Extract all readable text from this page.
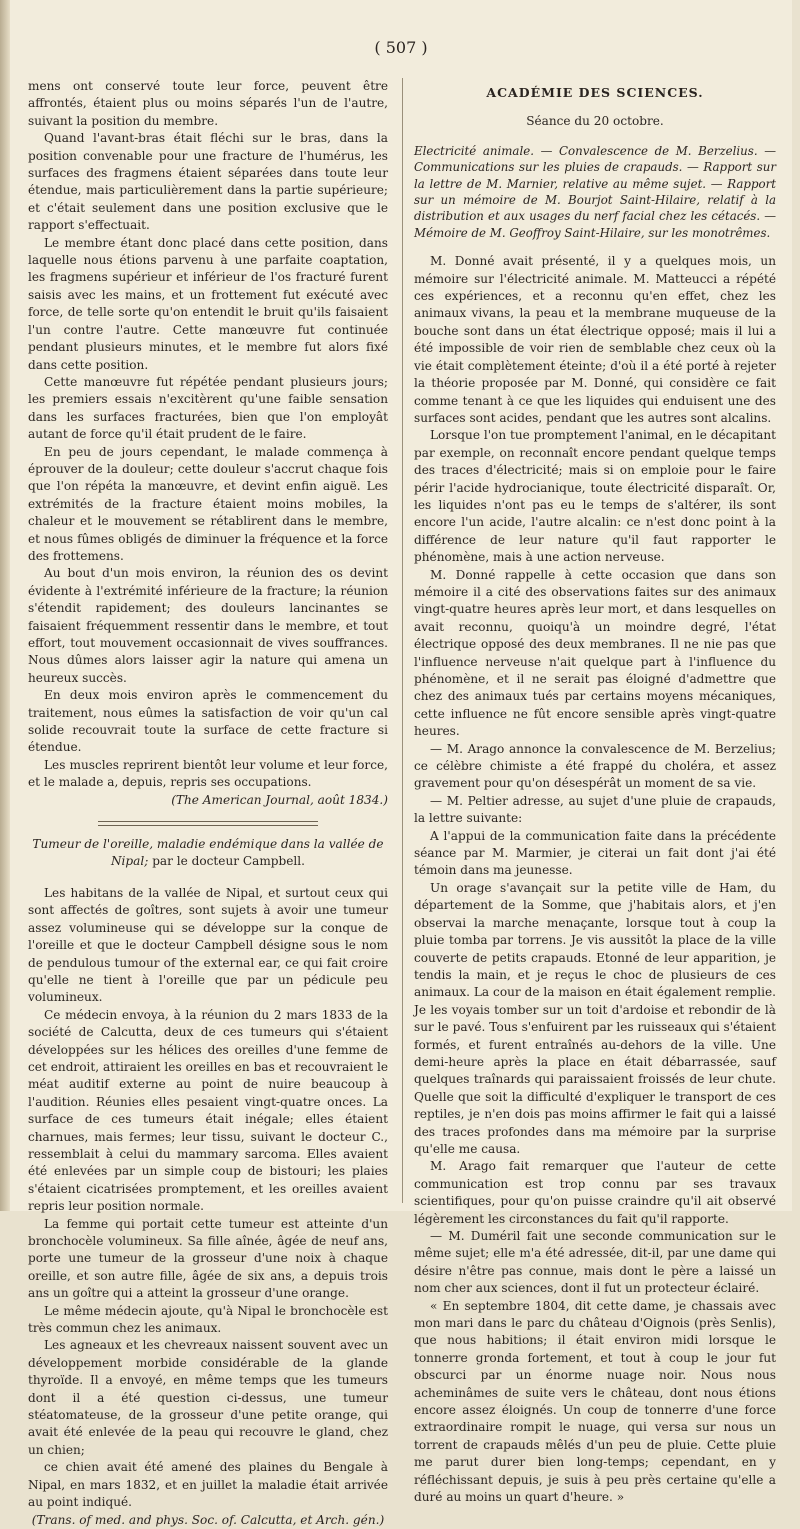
( 507 )

mens ont conservé toute leur force, peuvent être affrontés, étaient plus ou moins séparés l'un de l'autre, suivant la position du membre.

Quand l'avant-bras était fléchi sur le bras, dans la position convenable pour une fracture de l'humérus, les surfaces des fragmens étaient séparées dans toute leur étendue, mais particulièrement dans la partie supérieure; et c'était seulement dans une position exclusive que le rapport s'effectuait.

Le membre étant donc placé dans cette position, dans laquelle nous étions parvenu à une parfaite coaptation, les fragmens supérieur et inférieur de l'os fracturé furent saisis avec les mains, et un frottement fut exécuté avec force, de telle sorte qu'on entendit le bruit qu'ils faisaient l'un contre l'autre. Cette manœuvre fut continuée pendant plusieurs minutes, et le membre fut alors fixé dans cette position.

Cette manœuvre fut répétée pendant plusieurs jours; les premiers essais n'excitèrent qu'une faible sensation dans les surfaces fracturées, bien que l'on employât autant de force qu'il était prudent de le faire.

En peu de jours cependant, le malade commença à éprouver de la douleur; cette douleur s'accrut chaque fois que l'on répéta la manœuvre, et devint enfin aiguë. Les extrémités de la fracture étaient moins mobiles, la chaleur et le mouvement se rétablirent dans le membre, et nous fûmes obligés de diminuer la fréquence et la force des frottemens.

Au bout d'un mois environ, la réunion des os devint évidente à l'extrémité inférieure de la fracture; la réunion s'étendit rapidement; des douleurs lancinantes se faisaient fréquemment ressentir dans le membre, et tout effort, tout mouvement occasionnait de vives souffrances. Nous dûmes alors laisser agir la nature qui amena un heureux succès.

En deux mois environ après le commencement du traitement, nous eûmes la satisfaction de voir qu'un cal solide recouvrait toute la surface de cette fracture si étendue.

Les muscles reprirent bientôt leur volume et leur force, et le malade a, depuis, repris ses occupations.

(The American Journal, août 1834.)

Tumeur de l'oreille, maladie endémique dans la vallée de Nipal; par le docteur Campbell.

Les habitans de la vallée de Nipal, et surtout ceux qui sont affectés de goîtres, sont sujets à avoir une tumeur assez volumineuse qui se développe sur la conque de l'oreille et que le docteur Campbell désigne sous le nom de pendulous tumour of the external ear, ce qui fait croire qu'elle ne tient à l'oreille que par un pédicule peu volumineux.

Ce médecin envoya, à la réunion du 2 mars 1833 de la société de Calcutta, deux de ces tumeurs qui s'étaient développées sur les hélices des oreilles d'une femme de cet endroit, attiraient les oreilles en bas et recouvraient le méat auditif externe au point de nuire beaucoup à l'audition. Réunies elles pesaient vingt-quatre onces. La surface de ces tumeurs était inégale; elles étaient charnues, mais fermes; leur tissu, suivant le docteur C., ressemblait à celui du mammary sarcoma. Elles avaient été enlevées par un simple coup de bistouri; les plaies s'étaient cicatrisées promptement, et les oreilles avaient repris leur position normale.

La femme qui portait cette tumeur est atteinte d'un bronchocèle volumineux. Sa fille aînée, âgée de neuf ans, porte une tumeur de la grosseur d'une noix à chaque oreille, et son autre fille, âgée de six ans, a depuis trois ans un goître qui a atteint la grosseur d'une orange.

Le même médecin ajoute, qu'à Nipal le bronchocèle est très commun chez les animaux.

Les agneaux et les chevreaux naissent souvent avec un développement morbide considérable de la glande thyroïde. Il a envoyé, en même temps que les tumeurs dont il a été question ci-dessus, une tumeur stéatomateuse, de la grosseur d'une petite orange, qui avait été enlevée de la peau qui recouvre le gland, chez un chien;

ce chien avait été amené des plaines du Bengale à Nipal, en mars 1832, et en juillet la maladie était arrivée au point indiqué.

(Trans. of med. and phys. Soc. of. Calcutta, et Arch. gén.)

ACADÉMIE DES SCIENCES.

Séance du 20 octobre.

Electricité animale. — Convalescence de M. Berzelius. — Communications sur les pluies de crapauds. — Rapport sur la lettre de M. Marnier, relative au même sujet. — Rapport sur un mémoire de M. Bourjot Saint-Hilaire, relatif à la distribution et aux usages du nerf facial chez les cétacés. — Mémoire de M. Geoffroy Saint-Hilaire, sur les monotrêmes.

M. Donné avait présenté, il y a quelques mois, un mémoire sur l'électricité animale. M. Matteucci a répété ces expériences, et a reconnu qu'en effet, chez les animaux vivans, la peau et la membrane muqueuse de la bouche sont dans un état électrique opposé; mais il lui a été impossible de voir rien de semblable chez ceux où la vie était complètement éteinte; d'où il a été porté à rejeter la théorie proposée par M. Donné, qui considère ce fait comme tenant à ce que les liquides qui enduisent une des surfaces sont acides, pendant que les autres sont alcalins.

Lorsque l'on tue promptement l'animal, en le décapitant par exemple, on reconnaît encore pendant quelque temps des traces d'électricité; mais si on emploie pour le faire périr l'acide hydrocianique, toute électricité disparaît. Or, les liquides n'ont pas eu le temps de s'altérer, ils sont encore l'un acide, l'autre alcalin: ce n'est donc point à la différence de leur nature qu'il faut rapporter le phénomène, mais à une action nerveuse.

M. Donné rappelle à cette occasion que dans son mémoire il a cité des observations faites sur des animaux vingt-quatre heures après leur mort, et dans lesquelles on avait reconnu, quoiqu'à un moindre degré, l'état électrique opposé des deux membranes. Il ne nie pas que l'influence nerveuse n'ait quelque part à l'influence du phénomène, et il ne serait pas éloigné d'admettre que chez des animaux tués par certains moyens mécaniques, cette influence ne fût encore sensible après vingt-quatre heures.

— M. Arago annonce la convalescence de M. Berzelius; ce célèbre chimiste a été frappé du choléra, et assez gravement pour qu'on désespérât un moment de sa vie.

— M. Peltier adresse, au sujet d'une pluie de crapauds, la lettre suivante:

A l'appui de la communication faite dans la précédente séance par M. Marmier, je citerai un fait dont j'ai été témoin dans ma jeunesse.

Un orage s'avançait sur la petite ville de Ham, du département de la Somme, que j'habitais alors, et j'en observai la marche menaçante, lorsque tout à coup la pluie tomba par torrens. Je vis aussitôt la place de la ville couverte de petits crapauds. Etonné de leur apparition, je tendis la main, et je reçus le choc de plusieurs de ces animaux. La cour de la maison en était également remplie. Je les voyais tomber sur un toit d'ardoise et rebondir de là sur le pavé. Tous s'enfuirent par les ruisseaux qui s'étaient formés, et furent entraînés au-dehors de la ville. Une demi-heure après la place en était débarrassée, sauf quelques traînards qui paraissaient froissés de leur chute. Quelle que soit la difficulté d'expliquer le transport de ces reptiles, je n'en dois pas moins affirmer le fait qui a laissé des traces profondes dans ma mémoire par la surprise qu'elle me causa.

M. Arago fait remarquer que l'auteur de cette communication est trop connu par ses travaux scientifiques, pour qu'on puisse craindre qu'il ait observé légèrement les circonstances du fait qu'il rapporte.

— M. Duméril fait une seconde communication sur le même sujet; elle m'a été adressée, dit-il, par une dame qui désire n'être pas connue, mais dont le père a laissé un nom cher aux sciences, dont il fut un protecteur éclairé.

« En septembre 1804, dit cette dame, je chassais avec mon mari dans le parc du château d'Oignois (près Senlis), que nous habitions; il était environ midi lorsque le tonnerre gronda fortement, et tout à coup le jour fut obscurci par un énorme nuage noir. Nous nous acheminâmes de suite vers le château, dont nous étions encore assez éloignés. Un coup de tonnerre d'une force extraordinaire rompit le nuage, qui versa sur nous un torrent de crapauds mêlés d'un peu de pluie. Cette pluie me parut durer bien long-temps; cependant, en y réfléchissant depuis, je suis à peu près certaine qu'elle a duré au moins un quart d'heure. »
